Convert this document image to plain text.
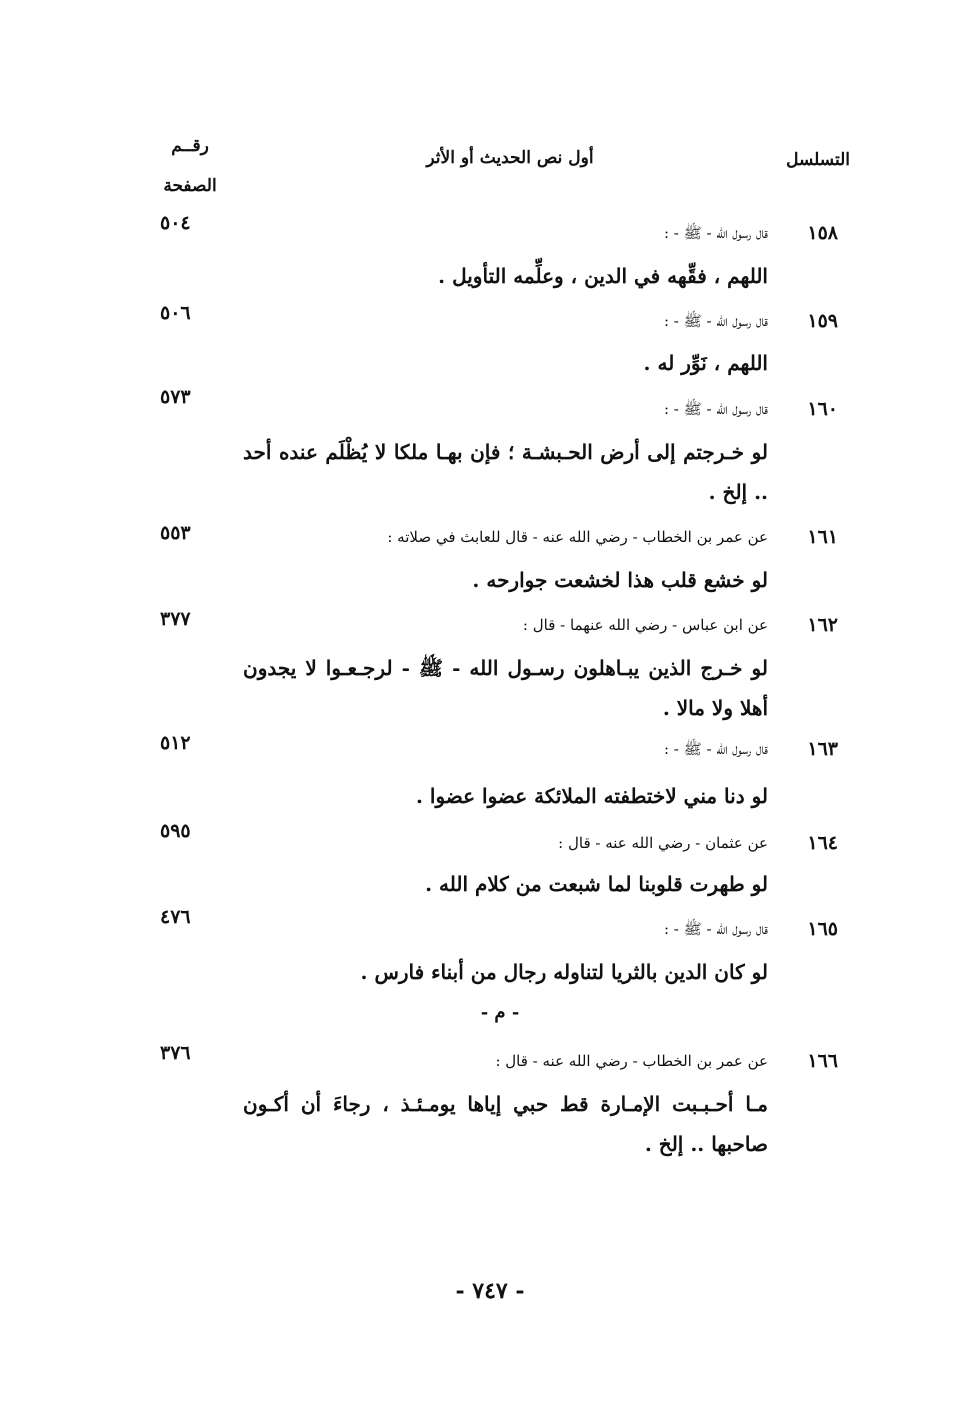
التسلسل
أول نص الحديث أو الأثر
رقــم
الصفحة
١٥٨
قال رسول الله - ﷺ - :
٥٠٤
اللهم ، فقِّهه في الدين ، وعلِّمه التأويل .
١٥٩
قال رسول الله - ﷺ - :
٥٠٦
اللهم ، نَوِّر له .
١٦٠
قال رسول الله - ﷺ - :
٥٧٣
لو خـرجتم إلى أرض الحـبشـة ؛ فإن بهـا ملكا لا يُظْلَم عنده أحد .. إلخ .
١٦١
عن عمر بن الخطاب - رضي الله عنه - قال للعابث في صلاته :
٥٥٣
لو خشع قلب هذا لخشعت جوارحه .
١٦٢
عن ابن عباس - رضي الله عنهما - قال :
٣٧٧
لو خـرج الذين يبـاهلون رسـول الله - ﷺ - لرجـعـوا لا يجدون أهلا ولا مالا .
١٦٣
قال رسول الله - ﷺ - :
٥١٢
لو دنا مني لاختطفته الملائكة عضوا عضوا .
١٦٤
عن عثمان - رضي الله عنه - قال :
٥٩٥
لو طهرت قلوبنا لما شبعت من كلام الله .
١٦٥
قال رسول الله - ﷺ - :
٤٧٦
لو كان الدين بالثريا لتناوله رجال من أبناء فارس .
- م -
١٦٦
عن عمر بن الخطاب - رضي الله عنه - قال :
٣٧٦
مـا أحـبـبت الإمـارة قط حبي إياها يومـئـذ ، رجاءَ أن أكـون صاحبها .. إلخ .
- ٧٤٧ -
